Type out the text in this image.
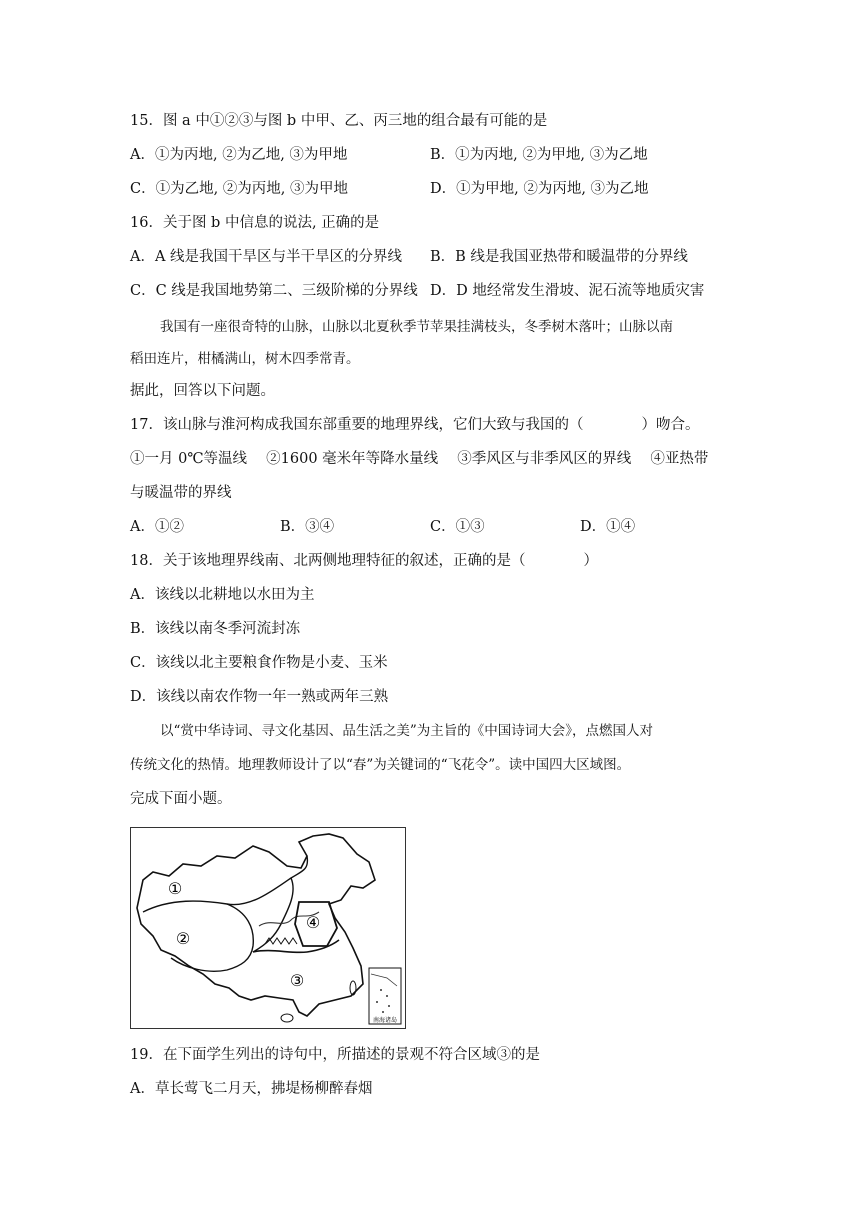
15．图 a 中①②③与图 b 中甲、乙、丙三地的组合最有可能的是
A．①为丙地, ②为乙地, ③为甲地	B．①为丙地, ②为甲地, ③为乙地
C．①为乙地, ②为丙地, ③为甲地	D．①为甲地, ②为丙地, ③为乙地
16．关于图 b 中信息的说法, 正确的是
A．A 线是我国干旱区与半干旱区的分界线 B．B 线是我国亚热带和暖温带的分界线
C．C 线是我国地势第二、三级阶梯的分界线 D．D 地经常发生滑坡、泥石流等地质灾害
我国有一座很奇特的山脉，山脉以北夏秋季节苹果挂满枝头，冬季树木落叶；山脉以南
稻田连片，柑橘满山，树木四季常青。
据此，回答以下问题。
17．该山脉与淮河构成我国东部重要的地理界线，它们大致与我国的（　　　　）吻合。
①一月 0℃等温线　 ②1600 毫米年等降水量线　 ③季风区与非季风区的界线　 ④亚热带
与暖温带的界线
A．①②	B．③④	C．①③	D．①④
18．关于该地理界线南、北两侧地理特征的叙述，正确的是（　　　　）
A．该线以北耕地以水田为主
B．该线以南冬季河流封冻
C．该线以北主要粮食作物是小麦、玉米
D．该线以南农作物一年一熟或两年三熟
以“赏中华诗词、寻文化基因、品生活之美”为主旨的《中国诗词大会》，点燃国人对
传统文化的热情。地理教师设计了以“春”为关键词的“飞花令”。读中国四大区域图。
完成下面小题。
①
②
③
④
南海诸岛
19．在下面学生列出的诗句中，所描述的景观不符合区域③的是
A．草长莺飞二月天，拂堤杨柳醉春烟
